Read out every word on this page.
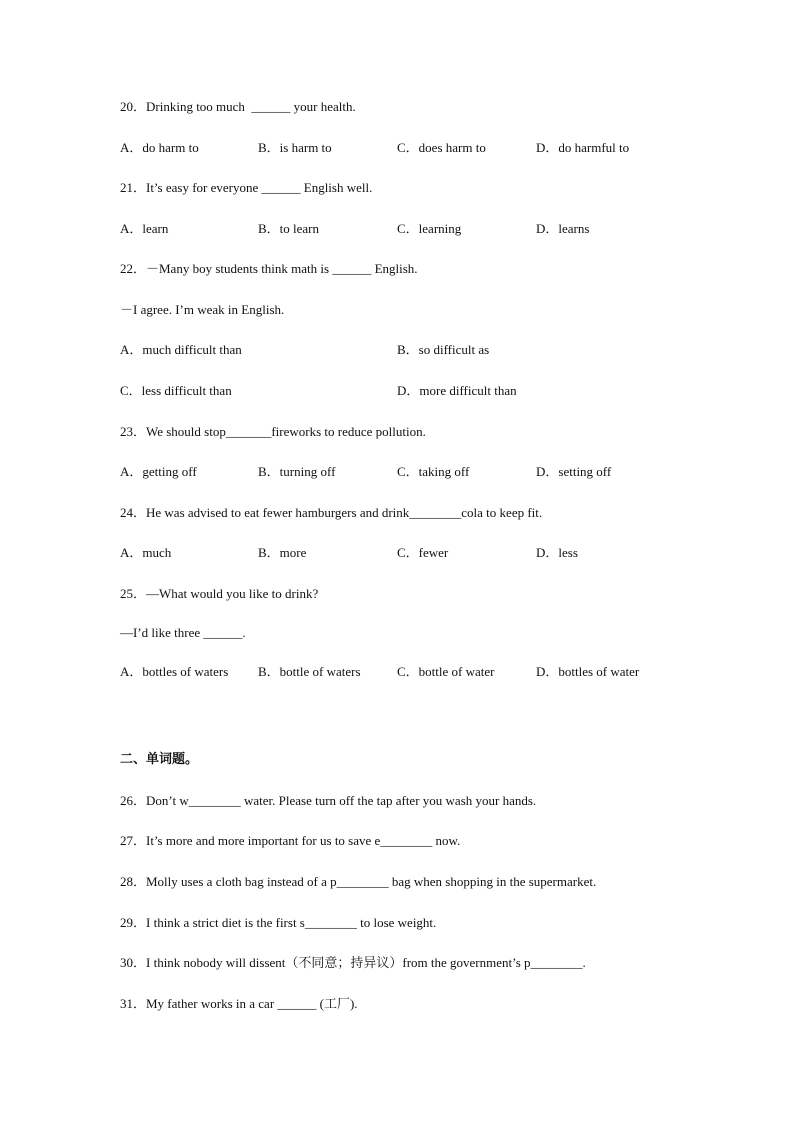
20．Drinking too much  ______ your health.
A．do harm to	B．is harm to	C．does harm to	D．do harmful to
21．It’s easy for everyone ______ English well.
A．learn	B．to learn	C．learning	D．learns
22．－Many boy students think math is ______ English.
－I agree. I’m weak in English.
A．much difficult than	B．so difficult as
C．less difficult than	D．more difficult than
23．We should stop_______fireworks to reduce pollution.
A．getting off	B．turning off	C．taking off	D．setting off
24．He was advised to eat fewer hamburgers and drink________cola to keep fit.
A．much	B．more	C．fewer	D．less
25．—What would you like to drink?
—I’d like three ______.
A．bottles of waters B．bottle of waters	C．bottle of water	D．bottles of water
二、单词题。
26．Don’t w________ water. Please turn off the tap after you wash your hands.
27．It’s more and more important for us to save e________ now.
28．Molly uses a cloth bag instead of a p________ bag when shopping in the supermarket.
29．I think a strict diet is the first s________ to lose weight.
30．I think nobody will dissent（不同意；持异议）from the government’s p________.
31．My father works in a car ______ (工厂).
